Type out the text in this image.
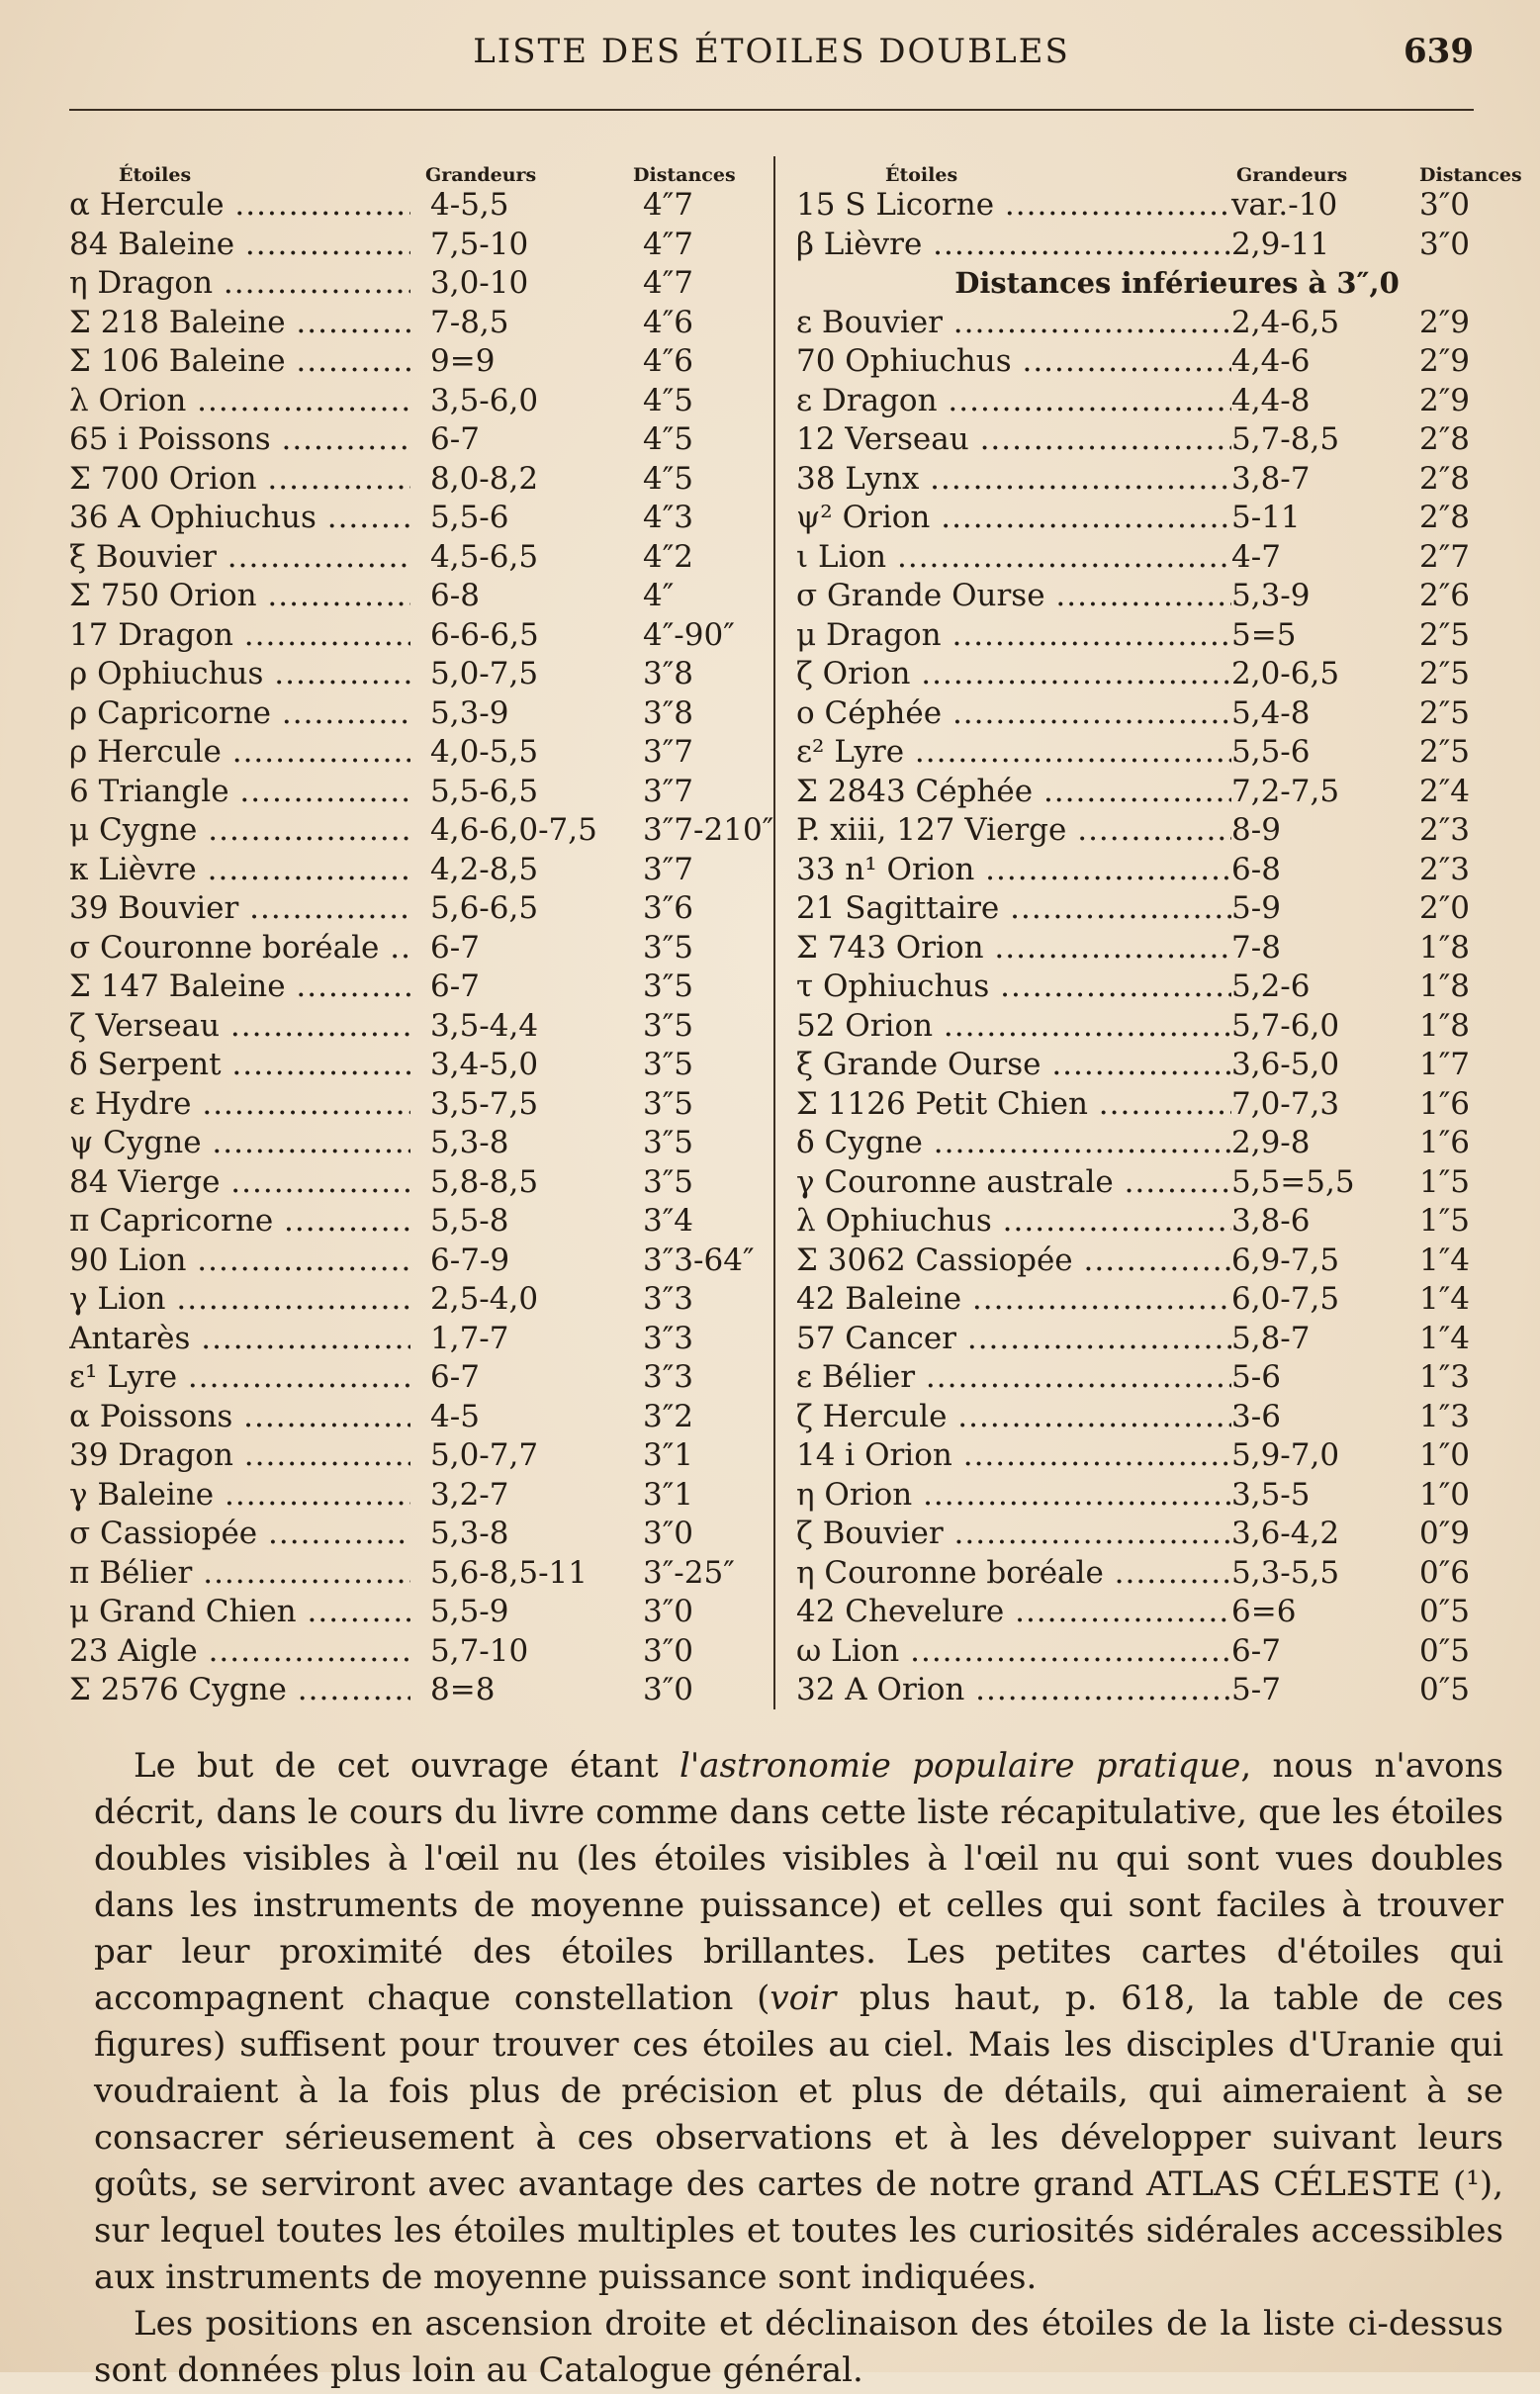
LISTE DES ÉTOILES DOUBLES	639
Étoiles	Grandeurs	Distances
α Hercule .....	4-5,5	4″7
84 Baleine .....	7,5-10	4″7
η Dragon .....	3,0-10	4″7
Σ 218 Baleine .....	7-8,5	4″6
Σ 106 Baleine .....	9=9	4″6
λ Orion .....	3,5-6,0	4″5
65 i Poissons .....	6-7	4″5
Σ 700 Orion .....	8,0-8,2	4″5
36 A Ophiuchus .....	5,5-6	4″3
ξ Bouvier .....	4,5-6,5	4″2
Σ 750 Orion .....	6-8	4″
17 Dragon .....	6-6-6,5	4″-90″
ρ Ophiuchus .....	5,0-7,5	3″8
ρ Capricorne .....	5,3-9	3″8
ρ Hercule .....	4,0-5,5	3″7
6 Triangle .....	5,5-6,5	3″7
μ Cygne .....	4,6-6,0-7,5 3″7-210″
κ Lièvre .....	4,2-8,5	3″7
39 Bouvier .....	5,6-6,5	3″6
σ Couronne boréale .....	6-7	3″5
Σ 147 Baleine .....	6-7	3″5
ζ Verseau .....	3,5-4,4	3″5
δ Serpent .....	3,4-5,0	3″5
ε Hydre .....	3,5-7,5	3″5
ψ Cygne .....	5,3-8	3″5
84 Vierge .....	5,8-8,5	3″5
π Capricorne .....	5,5-8	3″4
90 Lion .....	6-7-9	3″3-64″
γ Lion .....	2,5-4,0	3″3
Antarès .....	1,7-7	3″3
ε¹ Lyre .....	6-7	3″3
α Poissons .....	4-5	3″2
39 Dragon .....	5,0-7,7	3″1
γ Baleine .....	3,2-7	3″1
σ Cassiopée .....	5,3-8	3″0
π Bélier .....	5,6-8,5-11 3″-25″
μ Grand Chien .....	5,5-9	3″0
23 Aigle .....	5,7-10	3″0
Σ 2576 Cygne .....	8=8	3″0
Étoiles	Grandeurs	Distances
15 S Licorne .....	var.-10	3″0
β Lièvre .....	2,9-11	3″0
Distances inférieures à 3″,0
ε Bouvier .....	2,4-6,5	2″9
70 Ophiuchus .....	4,4-6	2″9
ε Dragon .....	4,4-8	2″9
12 Verseau .....	5,7-8,5	2″8
38 Lynx .....	3,8-7	2″8
ψ² Orion .....	5-11	2″8
ι Lion .....	4-7	2″7
σ Grande Ourse .....	5,3-9	2″6
μ Dragon .....	5=5	2″5
ζ Orion .....	2,0-6,5	2″5
ο Céphée .....	5,4-8	2″5
ε² Lyre .....	5,5-6	2″5
Σ 2843 Céphée .....	7,2-7,5	2″4
P. xiii, 127 Vierge .....	8-9	2″3
33 n¹ Orion .....	6-8	2″3
21 Sagittaire .....	5-9	2″0
Σ 743 Orion .....	7-8	1″8
τ Ophiuchus .....	5,2-6	1″8
52 Orion .....	5,7-6,0	1″8
ξ Grande Ourse .....	3,6-5,0	1″7
Σ 1126 Petit Chien .....	7,0-7,3	1″6
δ Cygne .....	2,9-8	1″6
γ Couronne australe .....	5,5=5,5 1″5
λ Ophiuchus .....	3,8-6	1″5
Σ 3062 Cassiopée .....	6,9-7,5	1″4
42 Baleine .....	6,0-7,5	1″4
57 Cancer .....	5,8-7	1″4
ε Bélier .....	5-6	1″3
ζ Hercule .....	3-6	1″3
14 i Orion .....	5,9-7,0	1″0
η Orion .....	3,5-5	1″0
ζ Bouvier .....	3,6-4,2	0″9
η Couronne boréale .....	5,3-5,5	0″6
42 Chevelure .....	6=6	0″5
ω Lion .....	6-7	0″5
32 A Orion .....	5-7	0″5

Le but de cet ouvrage étant l'astronomie populaire pratique, nous n'avons décrit, dans le cours du livre comme dans cette liste récapitulative, que les étoiles doubles visibles à l'œil nu (les étoiles visibles à l'œil nu qui sont vues doubles dans les instruments de moyenne puissance) et celles qui sont faciles à trouver par leur proximité des étoiles brillantes. Les petites cartes d'étoiles qui accompagnent chaque constellation (voir plus haut, p. 618, la table de ces figures) suffisent pour trouver ces étoiles au ciel. Mais les disciples d'Uranie qui voudraient à la fois plus de précision et plus de détails, qui aimeraient à se consacrer sérieusement à ces observations et à les développer suivant leurs goûts, se serviront avec avantage des cartes de notre grand ATLAS CÉLESTE (¹), sur lequel toutes les étoiles multiples et toutes les curiosités sidérales accessibles aux instruments de moyenne puissance sont indiquées.

Les positions en ascension droite et déclinaison des étoiles de la liste ci-dessus sont données plus loin au Catalogue général.
